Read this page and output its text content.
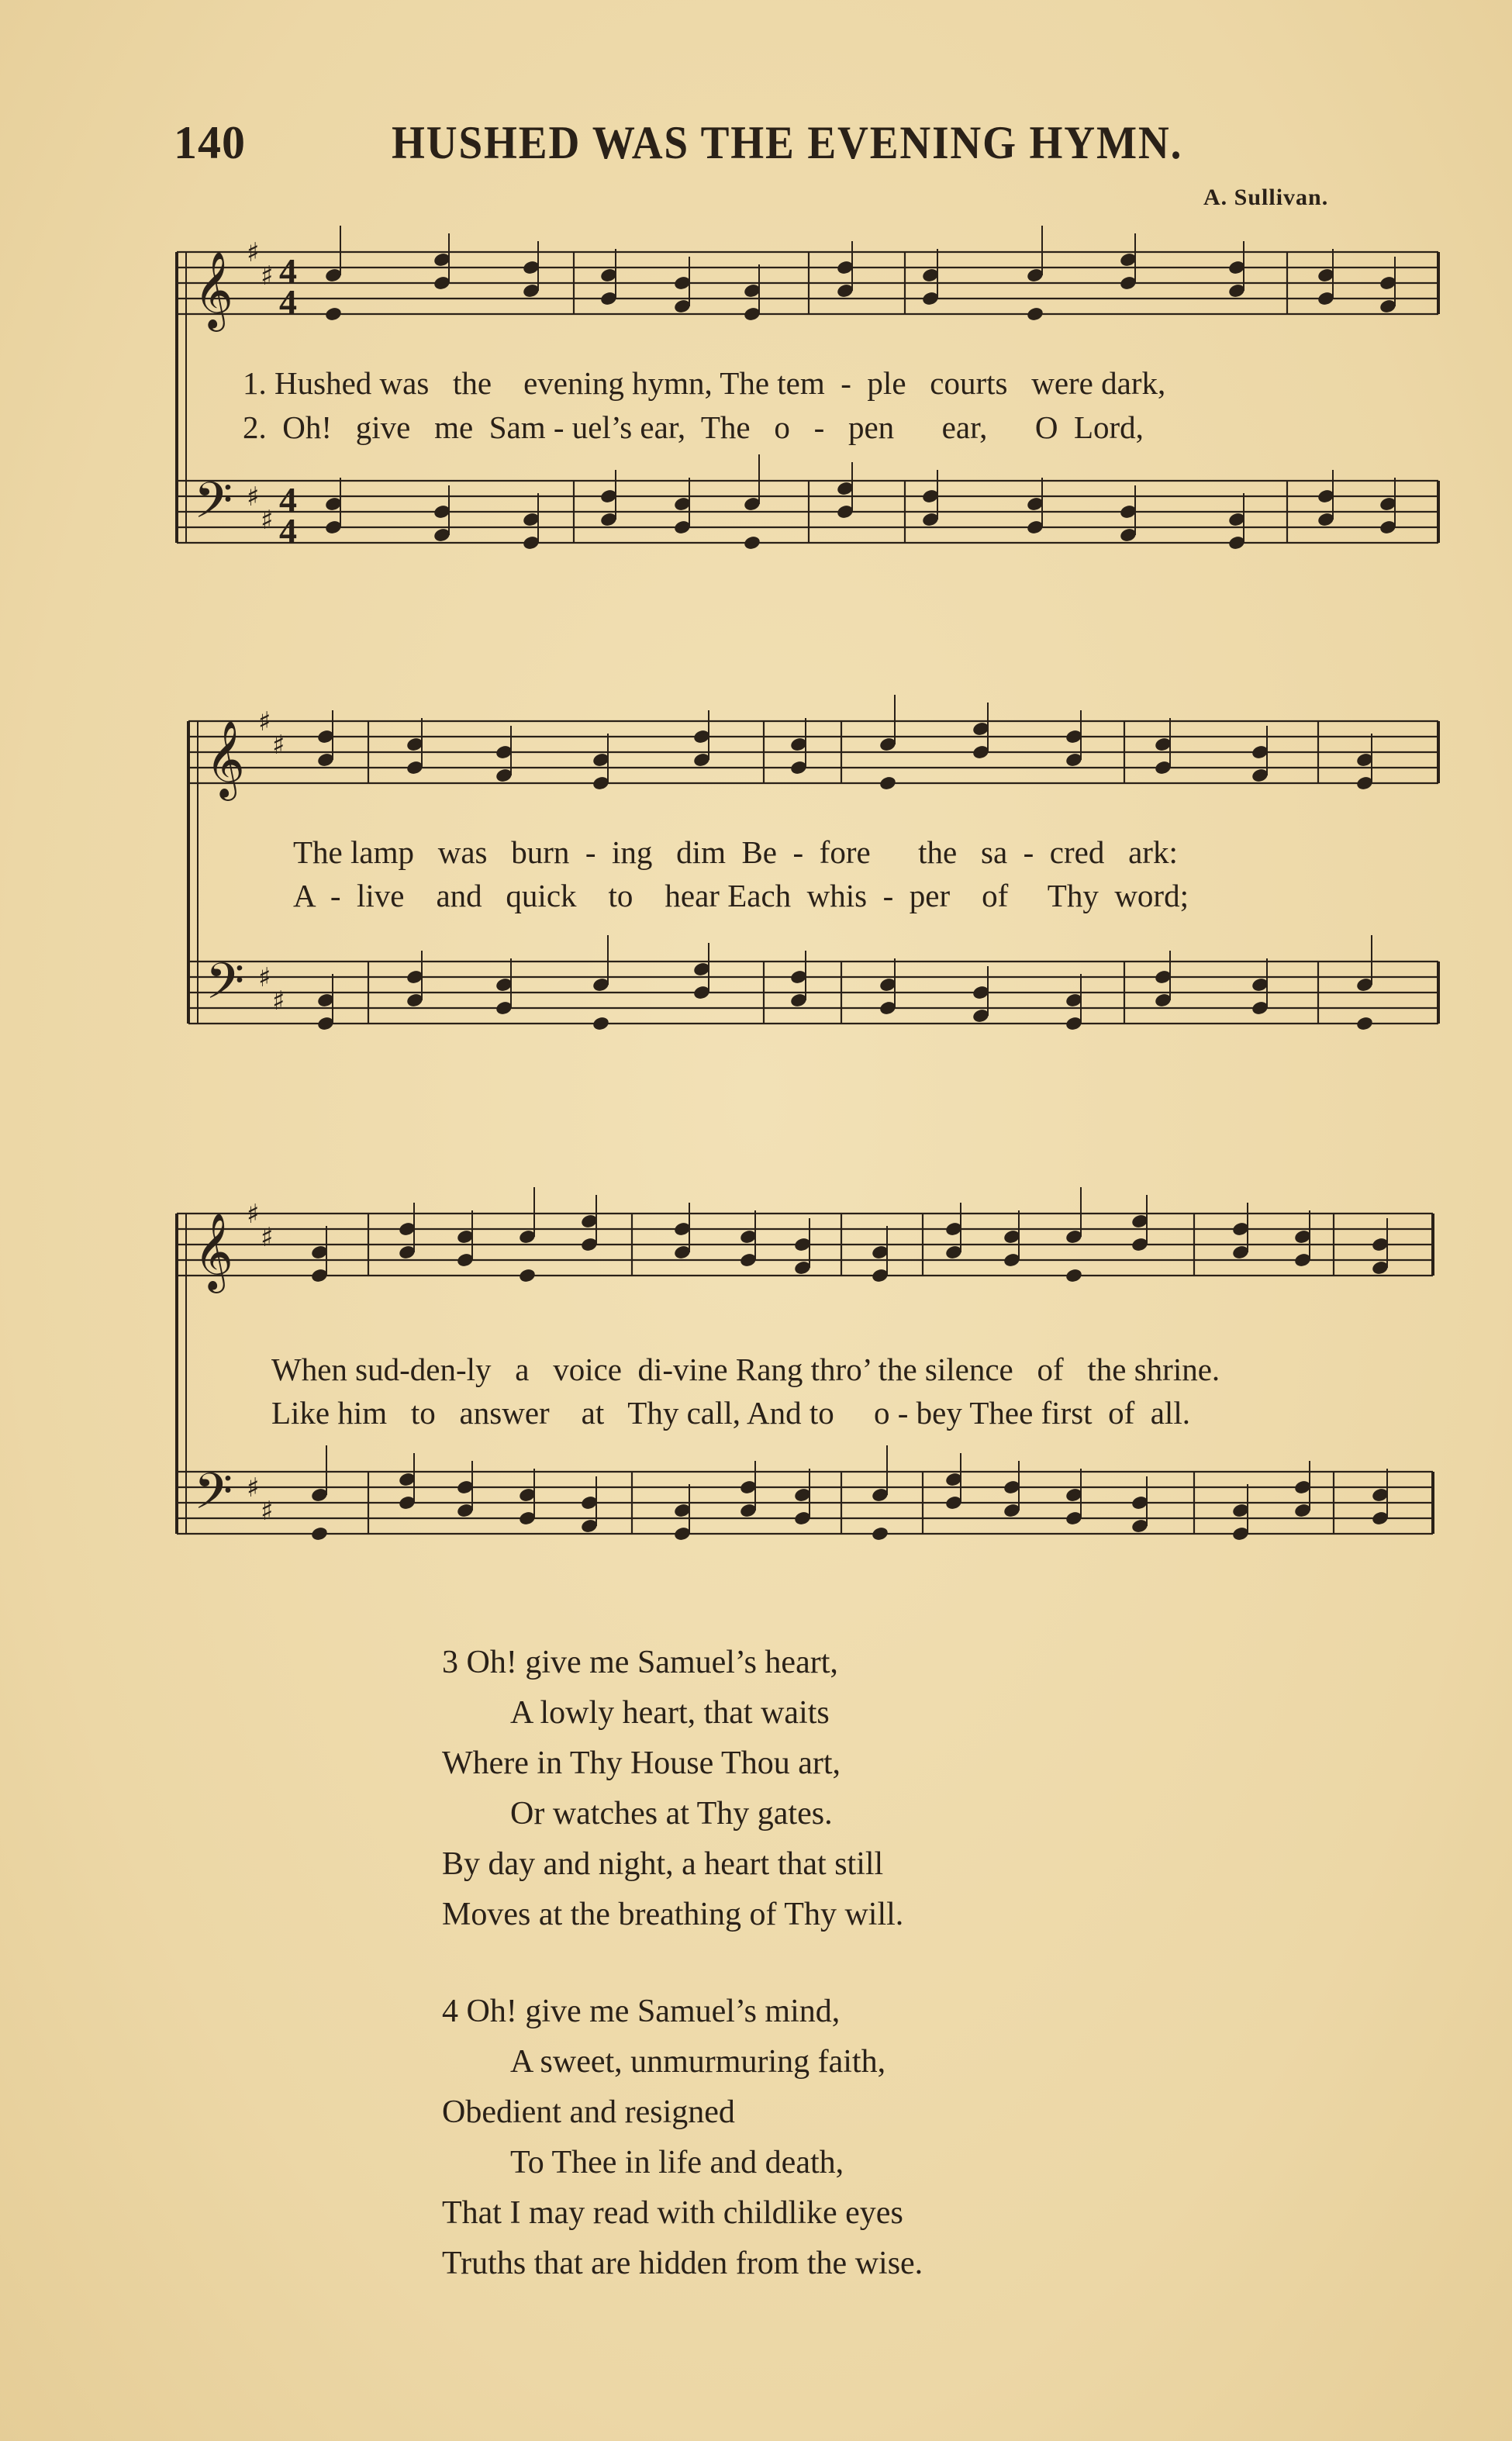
140	HUSHED WAS THE EVENING HYMN.
A. Sullivan.
𝄞
𝄢
♯
♯
♯
♯
4
4
4
4
𝄞
𝄢
♯
♯
♯
♯
𝄞
𝄢
♯
♯
♯
♯
1. Hushed was   the    evening hymn, The tem  -  ple   courts   were dark,
2.  Oh!   give   me  Sam - uel’s ear,  The   o   -   pen      ear,      O  Lord,
The lamp   was   burn  -  ing   dim  Be  -  fore      the   sa  -  cred   ark:
A  -  live    and   quick    to    hear Each  whis  -  per    of     Thy  word;
When sud-den-ly   a   voice  di-vine Rang thro’ the silence   of   the shrine.
Like him   to   answer    at   Thy call, And to     o - bey Thee first  of  all.
3 Oh! give me Samuel’s heart,
A lowly heart, that waits
Where in Thy House Thou art,
Or watches at Thy gates.
By day and night, a heart that still
Moves at the breathing of Thy will.
4 Oh! give me Samuel’s mind,
A sweet, unmurmuring faith,
Obedient and resigned
To Thee in life and death,
That I may read with childlike eyes
Truths that are hidden from the wise.
